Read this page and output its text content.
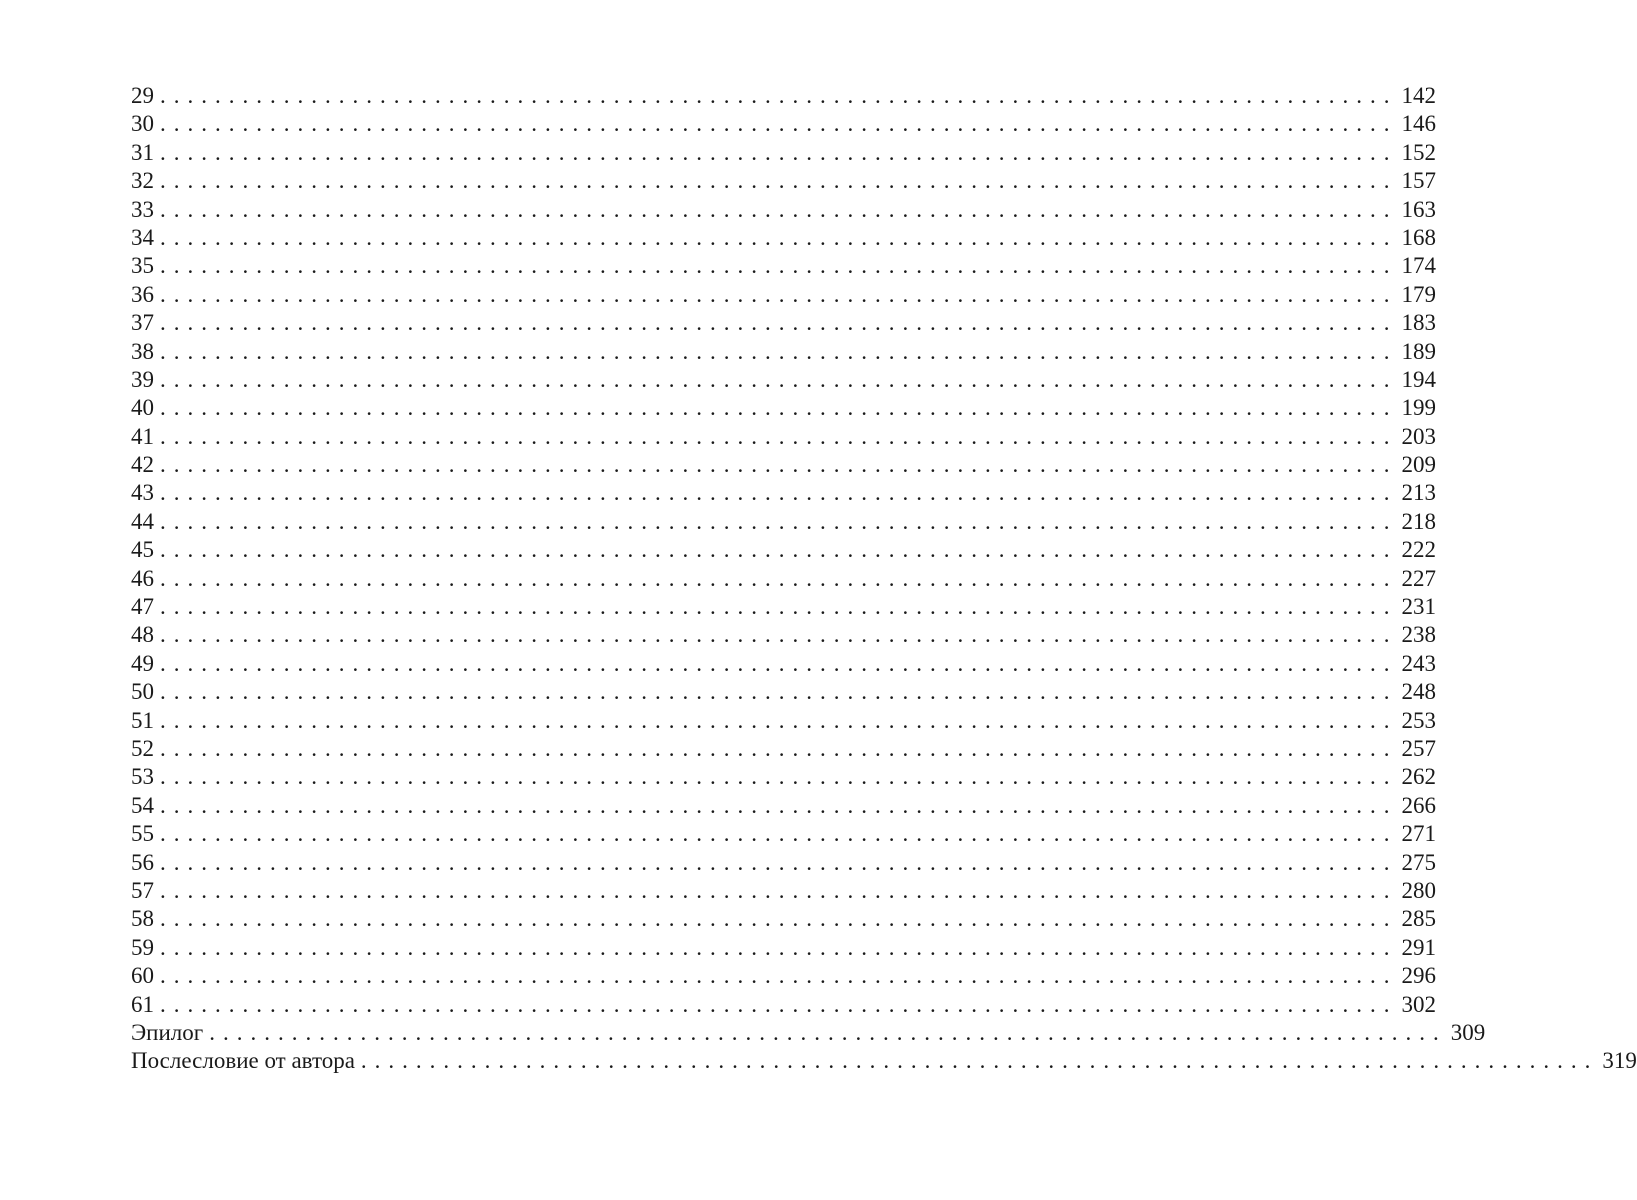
29 .......................................................................................... 142
30 .......................................................................................... 146
31 .......................................................................................... 152
32 .......................................................................................... 157
33 .......................................................................................... 163
34 .......................................................................................... 168
35 .......................................................................................... 174
36 .......................................................................................... 179
37 .......................................................................................... 183
38 .......................................................................................... 189
39 .......................................................................................... 194
40 .......................................................................................... 199
41 .......................................................................................... 203
42 .......................................................................................... 209
43 .......................................................................................... 213
44 .......................................................................................... 218
45 .......................................................................................... 222
46 .......................................................................................... 227
47 .......................................................................................... 231
48 .......................................................................................... 238
49 .......................................................................................... 243
50 .......................................................................................... 248
51 .......................................................................................... 253
52 .......................................................................................... 257
53 .......................................................................................... 262
54 .......................................................................................... 266
55 .......................................................................................... 271
56 .......................................................................................... 275
57 .......................................................................................... 280
58 .......................................................................................... 285
59 .......................................................................................... 291
60 .......................................................................................... 296
61 .......................................................................................... 302
Эпилог .......................................................................................... 309
Послесловие от автора .......................................................................................... 319
